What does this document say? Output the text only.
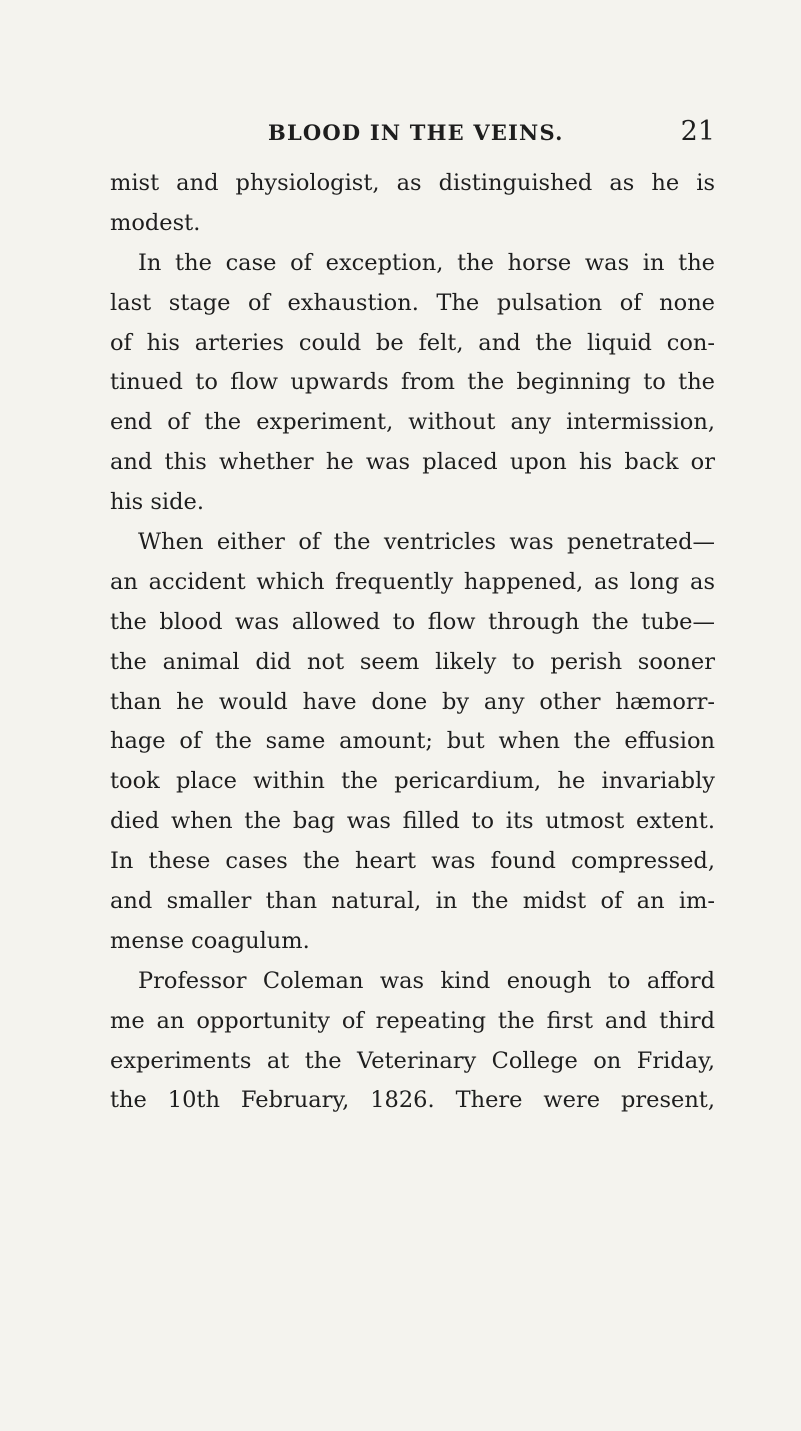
BLOOD IN THE VEINS.	21
mist and physiologist, as distinguished as he is
modest.
In the case of exception, the horse was in the
last stage of exhaustion. The pulsation of none
of his arteries could be felt, and the liquid con-
tinued to flow upwards from the beginning to the
end of the experiment, without any intermission,
and this whether he was placed upon his back or
his side.
When either of the ventricles was penetrated—
an accident which frequently happened, as long as
the blood was allowed to flow through the tube—
the animal did not seem likely to perish sooner
than he would have done by any other hæmorr-
hage of the same amount; but when the effusion
took place within the pericardium, he invariably
died when the bag was filled to its utmost extent.
In these cases the heart was found compressed,
and smaller than natural, in the midst of an im-
mense coagulum.
Professor Coleman was kind enough to afford
me an opportunity of repeating the first and third
experiments at the Veterinary College on Friday,
the 10th February, 1826. There were present,
